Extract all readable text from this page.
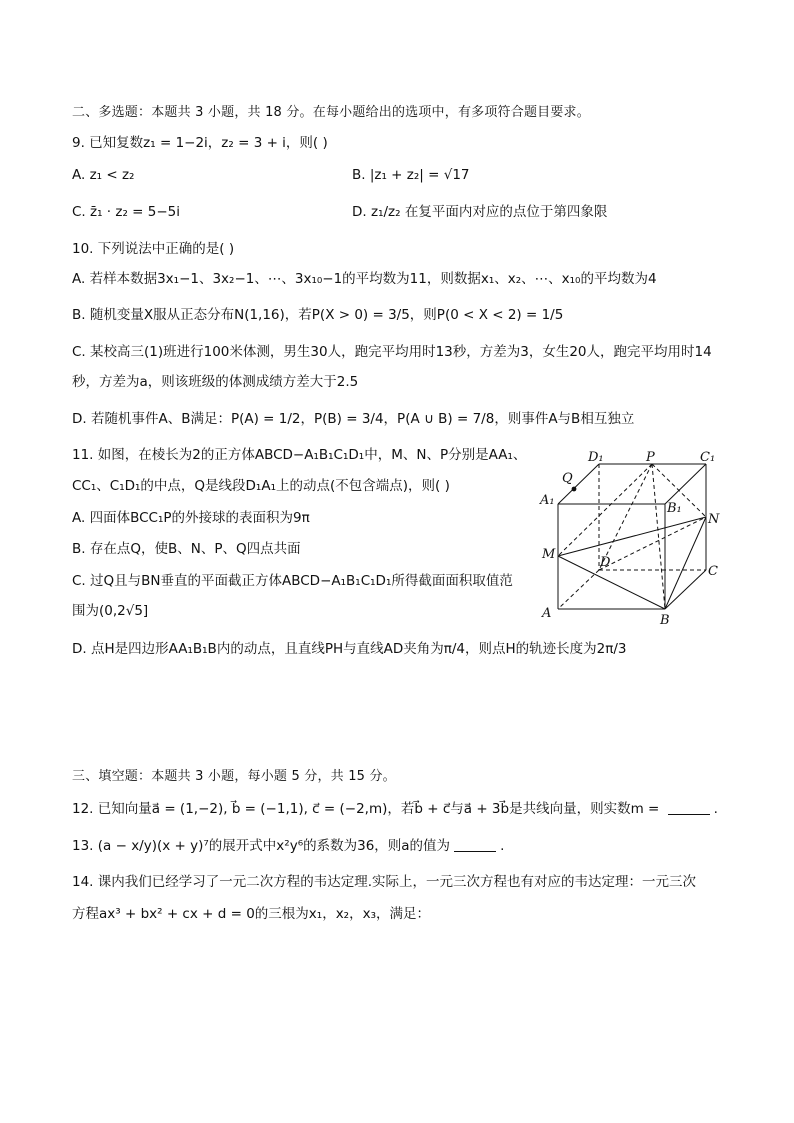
二、多选题：本题共 3 小题，共 18 分。在每小题给出的选项中，有多项符合题目要求。
9. 已知复数z₁ = 1−2i，z₂ = 3 + i，则( )
A. z₁ < z₂	B. |z₁ + z₂| = √17
C. z̄₁ · z₂ = 5−5i	D. z₁/z₂ 在复平面内对应的点位于第四象限
10. 下列说法中正确的是( )
A. 若样本数据3x₁−1、3x₂−1、⋯、3x₁₀−1的平均数为11，则数据x₁、x₂、⋯、x₁₀的平均数为4
B. 随机变量X服从正态分布N(1,16)，若P(X > 0) = 3/5，则P(0 < X < 2) = 1/5
C. 某校高三(1)班进行100米体测，男生30人，跑完平均用时13秒，方差为3，女生20人，跑完平均用时14
秒，方差为a，则该班级的体测成绩方差大于2.5
D. 若随机事件A、B满足：P(A) = 1/2，P(B) = 3/4，P(A ∪ B) = 7/8，则事件A与B相互独立
11. 如图，在棱长为2的正方体ABCD−A₁B₁C₁D₁中，M、N、P分别是AA₁、
CC₁、C₁D₁的中点，Q是线段D₁A₁上的动点(不包含端点)，则( )
A. 四面体BCC₁P的外接球的表面积为9π
B. 存在点Q，使B、N、P、Q四点共面
C. 过Q且与BN垂直的平面截正方体ABCD−A₁B₁C₁D₁所得截面面积取值范
围为(0,2√5]
D. 点H是四边形AA₁B₁B内的动点，且直线PH与直线AD夹角为π/4，则点H的轨迹长度为2π/3
D₁	P	C₁
Q
A₁
B₁
N
M
D
C
A	B
三、填空题：本题共 3 小题，每小题 5 分，共 15 分。
12. 已知向量a⃗ = (1,−2), b⃗ = (−1,1), c⃗ = (−2,m)，若b⃗ + c⃗与a⃗ + 3b⃗是共线向量，则实数m =	.
13. (a − x/y)(x + y)⁷的展开式中x²y⁶的系数为36，则a的值为	.
14. 课内我们已经学习了一元二次方程的韦达定理.实际上，一元三次方程也有对应的韦达定理：一元三次
方程ax³ + bx² + cx + d = 0的三根为x₁，x₂，x₃，满足：
